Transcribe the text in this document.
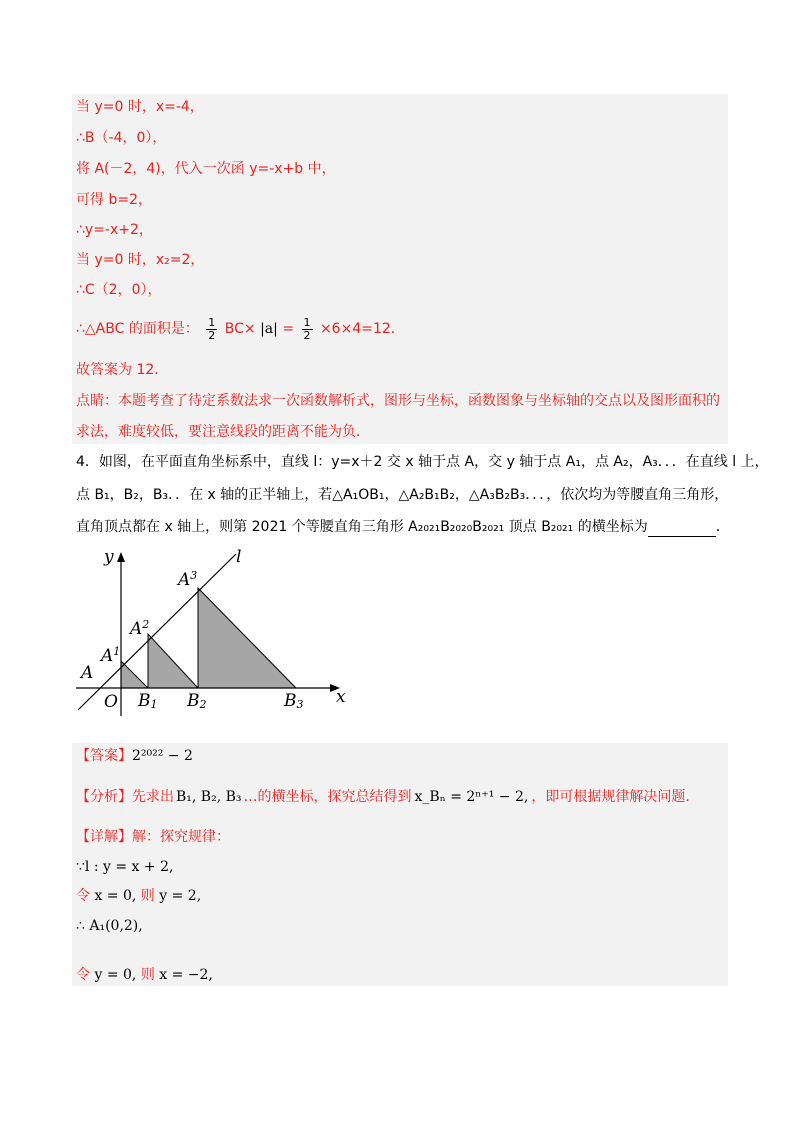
当 y=0 时，x=-4，
∴B（-4，0），
将 A(－2，4)，代入一次函 y=-x+b 中，
可得 b=2，
∴y=-x+2，
当 y=0 时，x₂=2，
∴C（2，0），
∴△ABC 的面积是： $\frac{1}{2} BC\times |a| = \frac{1}{2} \times 6\times 4=12$．
故答案为 12.
点睛：本题考查了待定系数法求一次函数解析式，图形与坐标，函数图象与坐标轴的交点以及图形面积的
求法，难度较低，要注意线段的距离不能为负．
4．如图，在平面直角坐标系中，直线 l：y=x＋2 交 x 轴于点 A，交 y 轴于点 A₁，点 A₂，A₃．．．在直线 l 上，
点 B₁，B₂，B₃．．在 x 轴的正半轴上，若△A₁OB₁，△A₂B₁B₂，△A₃B₂B₃．．．，依次均为等腰直角三角形，
直角顶点都在 x 轴上，则第 2021 个等腰直角三角形 A₂₀₂₁B₂₀₂₀B₂₀₂₁ 顶点 B₂₀₂₁ 的横坐标为	．
y
x
l
A
O
$A^1$
$A^2$
$A^3$
B1 B2	B3
【答案】2²⁰²² − 2
【分析】先求出 B₁, B₂, B₃ …的横坐标，探究总结得到 x_Bₙ = 2ⁿ⁺¹ − 2, ，即可根据规律解决问题.
【详解】解：探究规律：
∵l : y = x + 2,
令 x = 0, 则 y = 2,
∴ A₁(0,2),
令 y = 0, 则 x = −2,
